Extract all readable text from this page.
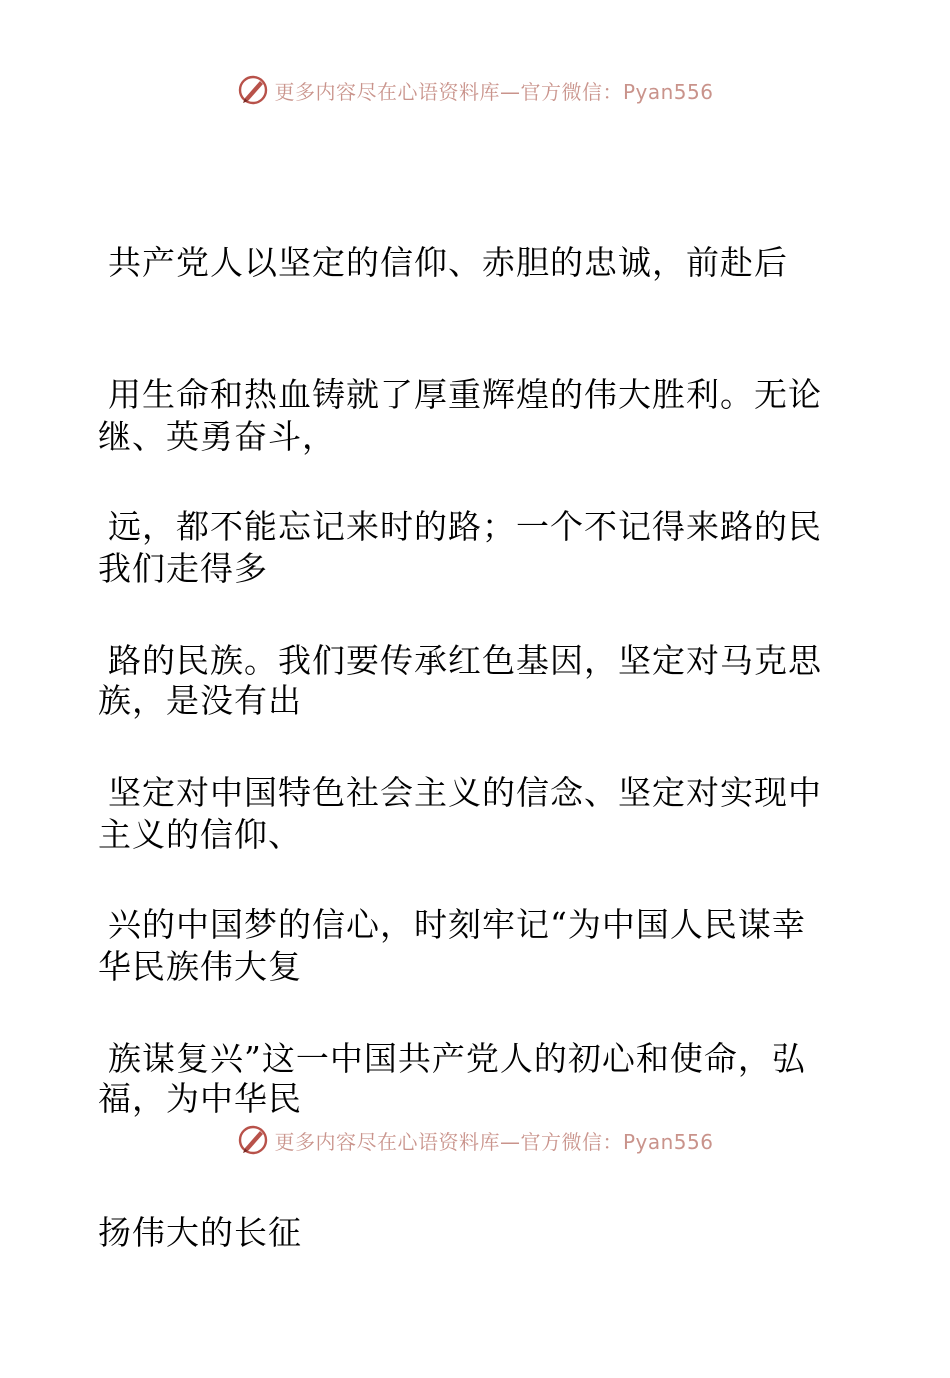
更多内容尽在心语资料库—官方微信：Pyan556

共产党人以坚定的信仰、赤胆的忠诚，前赴后

继、英勇奋斗，

用生命和热血铸就了厚重辉煌的伟大胜利。无论

我们走得多

远，都不能忘记来时的路；一个不记得来路的民

族，是没有出

路的民族。我们要传承红色基因，坚定对马克思

主义的信仰、

坚定对中国特色社会主义的信念、坚定对实现中

华民族伟大复

兴的中国梦的信心，时刻牢记“为中国人民谋幸

福，为中华民

族谋复兴”这一中国共产党人的初心和使命，弘

扬伟大的长征

更多内容尽在心语资料库—官方微信：Pyan556
